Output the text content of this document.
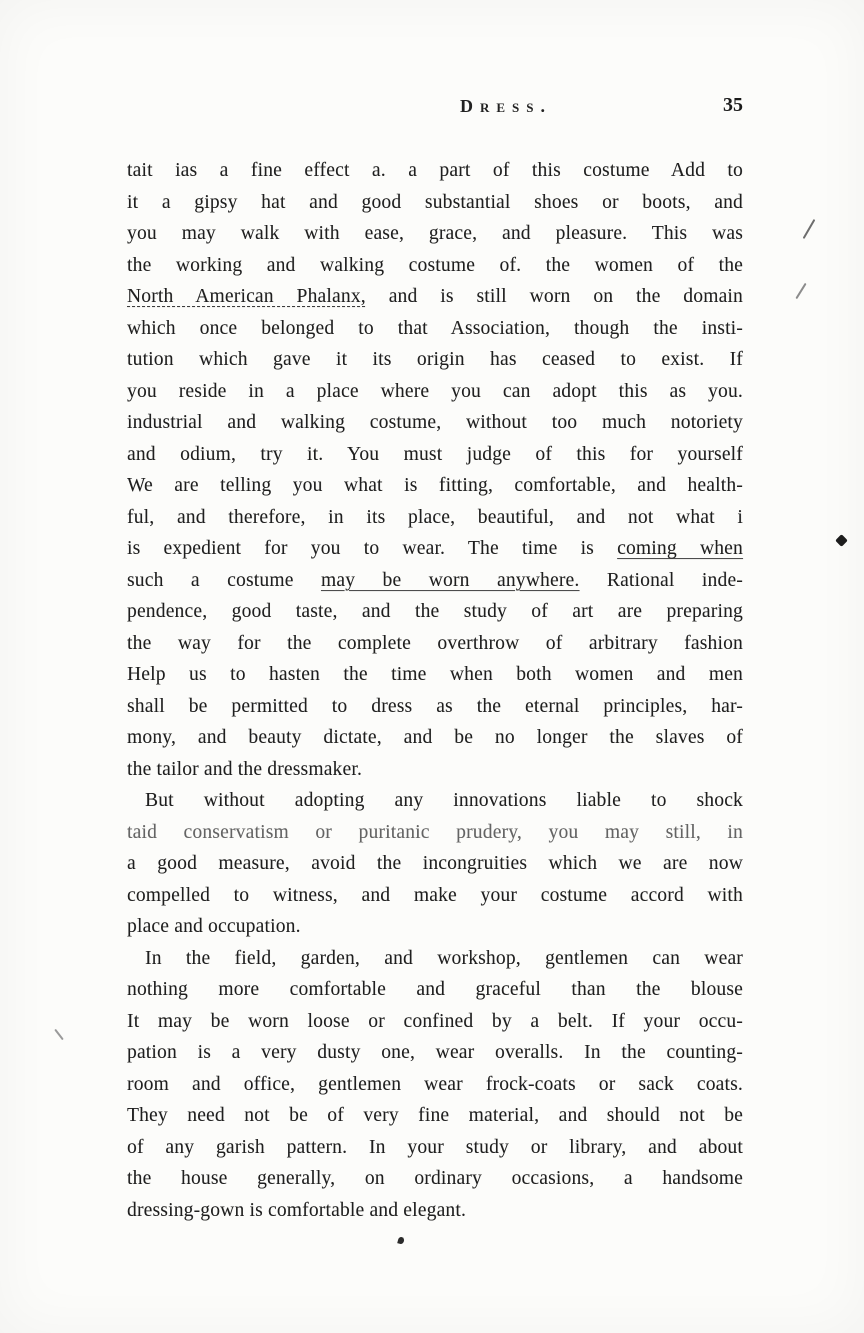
Dress.	35
tait ias a fine effect a. a part of this costume Add to
it a gipsy hat and good substantial shoes or boots, and
you may walk with ease, grace, and pleasure. This was
the working and walking costume of. the women of the
North American Phalanx, and is still worn on the domain
which once belonged to that Association, though the insti-
tution which gave it its origin has ceased to exist. If
you reside in a place where you can adopt this as you.
industrial and walking costume, without too much notoriety
and odium, try it. You must judge of this for yourself
We are telling you what is fitting, comfortable, and health-
ful, and therefore, in its place, beautiful, and not what i
is expedient for you to wear. The time is coming when
such a costume may be worn anywhere. Rational inde-
pendence, good taste, and the study of art are preparing
the way for the complete overthrow of arbitrary fashion
Help us to hasten the time when both women and men
shall be permitted to dress as the eternal principles, har-
mony, and beauty dictate, and be no longer the slaves of
the tailor and the dressmaker.
But without adopting any innovations liable to shock
taid conservatism or puritanic prudery, you may still, in
a good measure, avoid the incongruities which we are now
compelled to witness, and make your costume accord with
place and occupation.
In the field, garden, and workshop, gentlemen can wear
nothing more comfortable and graceful than the blouse
It may be worn loose or confined by a belt. If your occu-
pation is a very dusty one, wear overalls. In the counting-
room and office, gentlemen wear frock-coats or sack coats.
They need not be of very fine material, and should not be
of any garish pattern. In your study or library, and about
the house generally, on ordinary occasions, a handsome
dressing-gown is comfortable and elegant.
